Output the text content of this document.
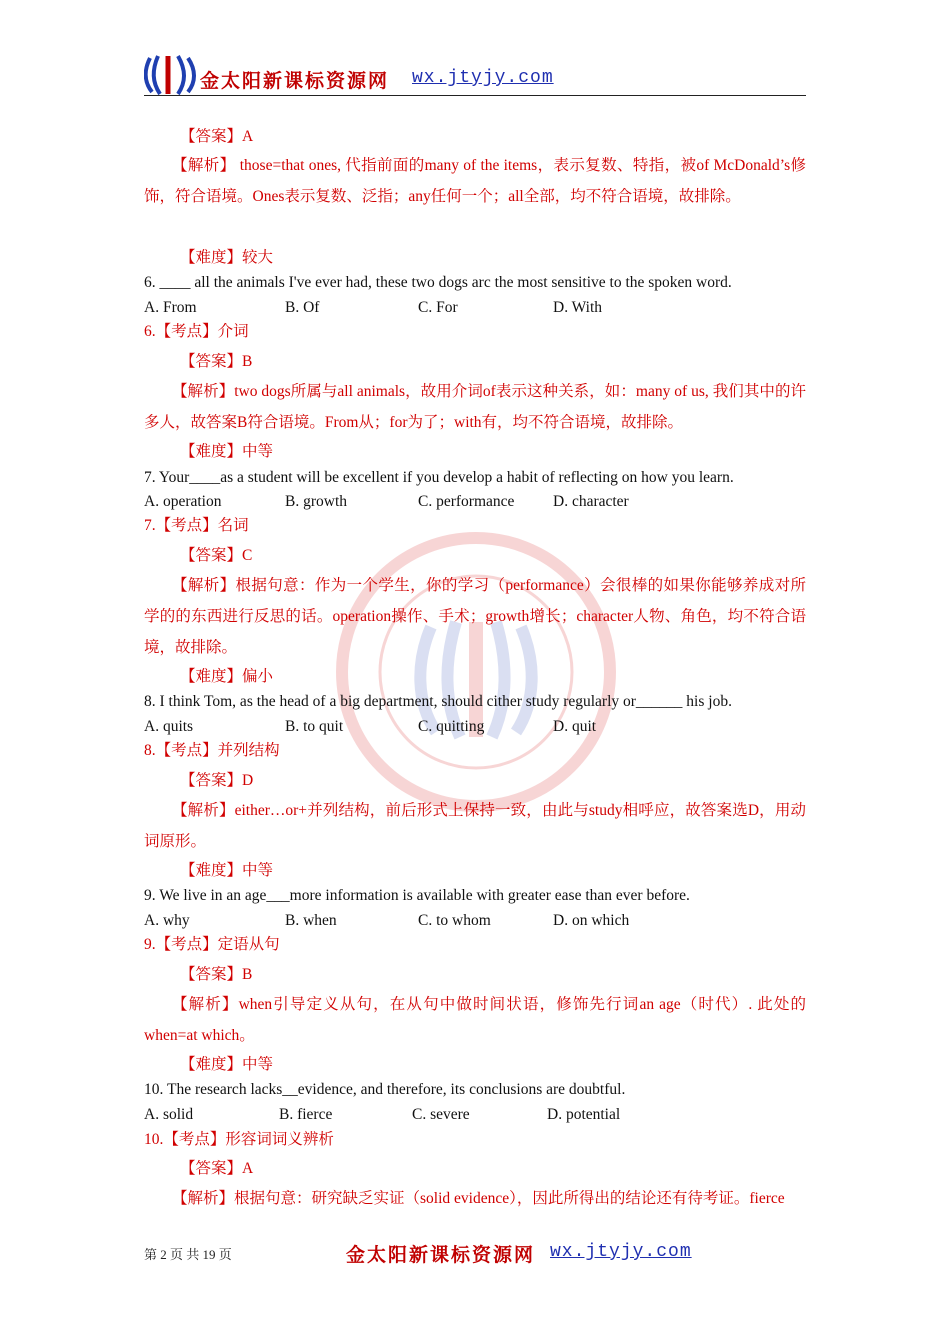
金太阳新课标资源网 wx.jtyjy.com
【答案】A
【解析】 those=that ones, 代指前面的many of the items，表示复数、特指，被of McDonald’s修饰，符合语境。Ones表示复数、泛指；any任何一个；all全部，均不符合语境，故排除。
【难度】较大
6. ____ all the animals I've ever had, these two dogs arc the most sensitive to the spoken word.
A. From	B. Of	C. For	D. With
6.【考点】介词
【答案】B
【解析】two dogs所属与all animals，故用介词of表示这种关系，如：many of us, 我们其中的许多人，故答案B符合语境。From从；for为了；with有，均不符合语境，故排除。
【难度】中等
7. Your____as a student will be excellent if you develop a habit of reflecting on how you learn.
A. operation	B. growth	C. performance D. character
7.【考点】名词
【答案】C
【解析】根据句意：作为一个学生，你的学习（performance）会很棒的如果你能够养成对所学的的东西进行反思的话。operation操作、手术；growth增长；character人物、角色，均不符合语境，故排除。
【难度】偏小
8. I think Tom, as the head of a big department, should cither study regularly or______ his job.
A. quits	B. to quit	C. quitting	D. quit
8.【考点】并列结构
【答案】D
【解析】either…or+并列结构，前后形式上保持一致，由此与study相呼应，故答案选D，用动词原形。
【难度】中等
9. We live in an age___more information is available with greater ease than ever before.
A. why	B. when	C. to whom	D. on which
9.【考点】定语从句
【答案】B
【解析】when引导定义从句，在从句中做时间状语，修饰先行词an age（时代）. 此处的when=at which。
【难度】中等
10. The research lacks__evidence, and therefore, its conclusions are doubtful.
A. solid	B. fierce	C. severe	D. potential
10.【考点】形容词词义辨析
【答案】A
【解析】根据句意：研究缺乏实证（solid evidence），因此所得出的结论还有待考证。fierce
第 2 页 共 19 页	金太阳新课标资源网 wx.jtyjy.com
